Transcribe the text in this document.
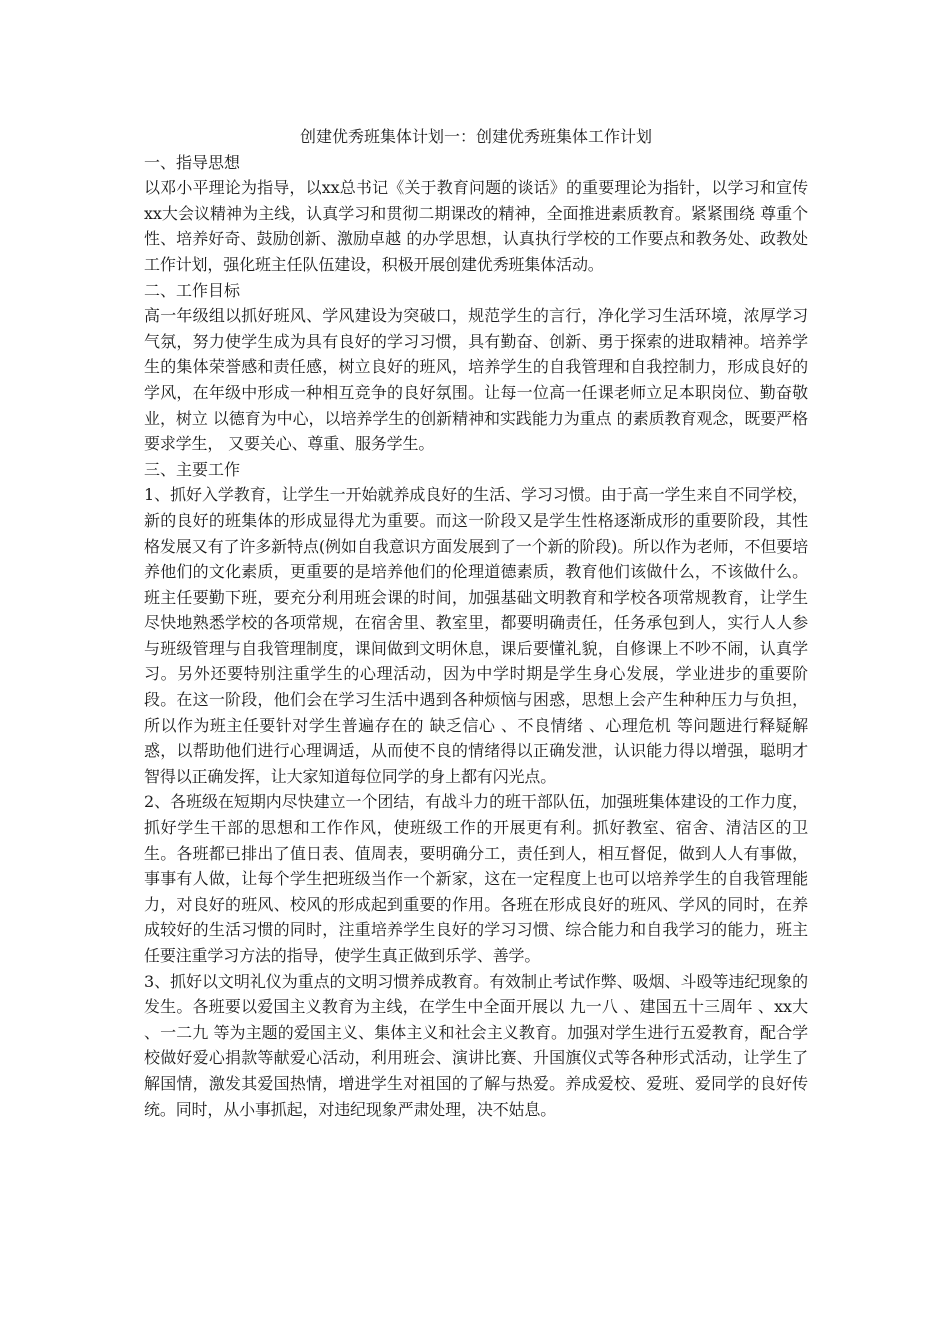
创建优秀班集体计划一：创建优秀班集体工作计划
一、指导思想

以邓小平理论为指导，以xx总书记《关于教育问题的谈话》的重要理论为指针，以学习和宣传xx大会议精神为主线，认真学习和贯彻二期课改的精神，全面推进素质教育。紧紧围绕 尊重个性、培养好奇、鼓励创新、激励卓越 的办学思想，认真执行学校的工作要点和教务处、政教处工作计划，强化班主任队伍建设，积极开展创建优秀班集体活动。

二、工作目标

高一年级组以抓好班风、学风建设为突破口，规范学生的言行，净化学习生活环境，浓厚学习气氛，努力使学生成为具有良好的学习习惯，具有勤奋、创新、勇于探索的进取精神。培养学生的集体荣誉感和责任感，树立良好的班风，培养学生的自我管理和自我控制力，形成良好的学风，在年级中形成一种相互竞争的良好氛围。让每一位高一任课老师立足本职岗位、勤奋敬业，树立 以德育为中心，以培养学生的创新精神和实践能力为重点 的素质教育观念，既要严格要求学生， 又要关心、尊重、服务学生。

三、主要工作

1、抓好入学教育，让学生一开始就养成良好的生活、学习习惯。由于高一学生来自不同学校，新的良好的班集体的形成显得尤为重要。而这一阶段又是学生性格逐渐成形的重要阶段，其性格发展又有了许多新特点(例如自我意识方面发展到了一个新的阶段)。所以作为老师，不但要培养他们的文化素质，更重要的是培养他们的伦理道德素质，教育他们该做什么，不该做什么。班主任要勤下班，要充分利用班会课的时间，加强基础文明教育和学校各项常规教育，让学生尽快地熟悉学校的各项常规，在宿舍里、教室里，都要明确责任，任务承包到人，实行人人参与班级管理与自我管理制度，课间做到文明休息，课后要懂礼貌，自修课上不吵不闹，认真学习。另外还要特别注重学生的心理活动，因为中学时期是学生身心发展，学业进步的重要阶段。在这一阶段，他们会在学习生活中遇到各种烦恼与困惑，思想上会产生种种压力与负担，所以作为班主任要针对学生普遍存在的 缺乏信心 、不良情绪 、心理危机 等问题进行释疑解惑，以帮助他们进行心理调适，从而使不良的情绪得以正确发泄，认识能力得以增强，聪明才智得以正确发挥，让大家知道每位同学的身上都有闪光点。

2、各班级在短期内尽快建立一个团结，有战斗力的班干部队伍，加强班集体建设的工作力度，抓好学生干部的思想和工作作风，使班级工作的开展更有利。抓好教室、宿舍、清洁区的卫生。各班都已排出了值日表、值周表，要明确分工，责任到人，相互督促，做到人人有事做，事事有人做，让每个学生把班级当作一个新家，这在一定程度上也可以培养学生的自我管理能力，对良好的班风、校风的形成起到重要的作用。各班在形成良好的班风、学风的同时，在养成较好的生活习惯的同时，注重培养学生良好的学习习惯、综合能力和自我学习的能力，班主任要注重学习方法的指导，使学生真正做到乐学、善学。

3、抓好以文明礼仪为重点的文明习惯养成教育。有效制止考试作弊、吸烟、斗殴等违纪现象的发生。各班要以爱国主义教育为主线，在学生中全面开展以 九一八 、建国五十三周年 、xx大 、一二九 等为主题的爱国主义、集体主义和社会主义教育。加强对学生进行五爱教育，配合学校做好爱心捐款等献爱心活动，利用班会、演讲比赛、升国旗仪式等各种形式活动，让学生了解国情，激发其爱国热情，增进学生对祖国的了解与热爱。养成爱校、爱班、爱同学的良好传统。同时，从小事抓起，对违纪现象严肃处理，决不姑息。
